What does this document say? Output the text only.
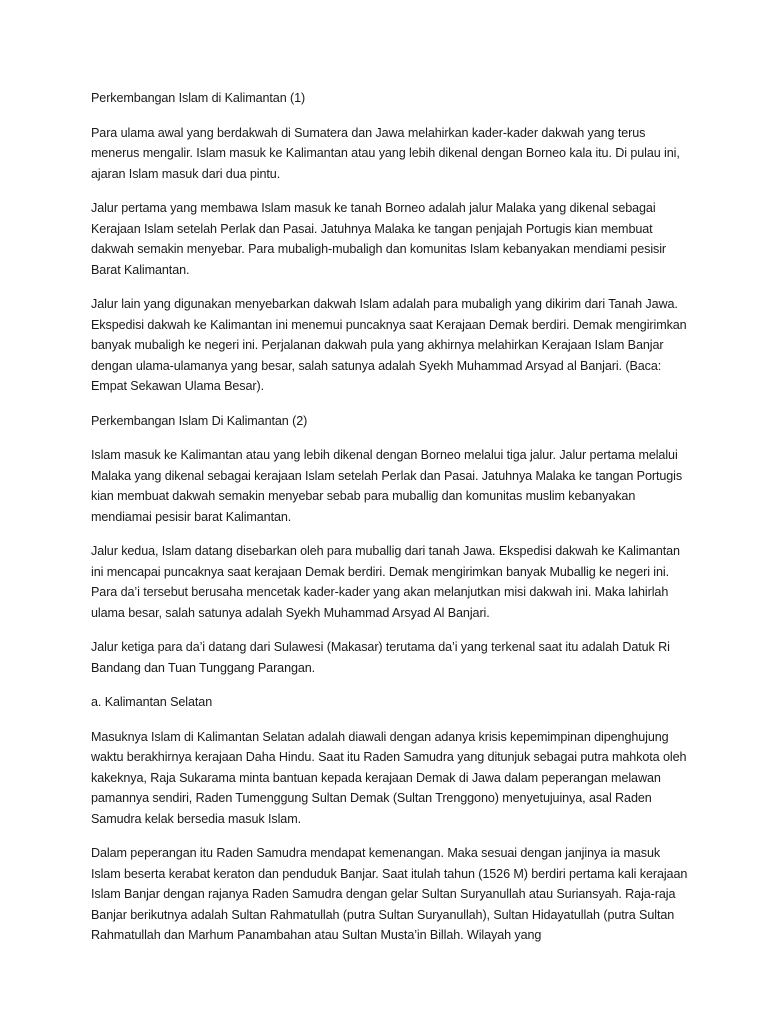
Perkembangan Islam di Kalimantan (1)

Para ulama awal yang berdakwah di Sumatera dan Jawa melahirkan kader-kader dakwah yang terus menerus mengalir. Islam masuk ke Kalimantan atau yang lebih dikenal dengan Borneo kala itu. Di pulau ini, ajaran Islam masuk dari dua pintu.

Jalur pertama yang membawa Islam masuk ke tanah Borneo adalah jalur Malaka yang dikenal sebagai Kerajaan Islam setelah Perlak dan Pasai. Jatuhnya Malaka ke tangan penjajah Portugis kian membuat dakwah semakin menyebar. Para mubaligh-mubaligh dan komunitas Islam kebanyakan mendiami pesisir Barat Kalimantan.

Jalur lain yang digunakan menyebarkan dakwah Islam adalah para mubaligh yang dikirim dari Tanah Jawa. Ekspedisi dakwah ke Kalimantan ini menemui puncaknya saat Kerajaan Demak berdiri. Demak mengirimkan banyak mubaligh ke negeri ini. Perjalanan dakwah pula yang akhirnya melahirkan Kerajaan Islam Banjar dengan ulama-ulamanya yang besar, salah satunya adalah Syekh Muhammad Arsyad al Banjari. (Baca: Empat Sekawan Ulama Besar).

Perkembangan Islam Di Kalimantan (2)

Islam masuk ke Kalimantan atau yang lebih dikenal dengan Borneo melalui tiga jalur. Jalur pertama melalui Malaka yang dikenal sebagai kerajaan Islam setelah Perlak dan Pasai. Jatuhnya Malaka ke tangan Portugis kian membuat dakwah semakin menyebar sebab para muballig dan komunitas muslim kebanyakan mendiamai pesisir barat Kalimantan.

Jalur kedua, Islam datang disebarkan oleh para muballig dari tanah Jawa. Ekspedisi dakwah ke Kalimantan ini mencapai puncaknya saat kerajaan Demak berdiri. Demak mengirimkan banyak Muballig ke negeri ini. Para da’i tersebut berusaha mencetak kader-kader yang akan melanjutkan misi dakwah ini. Maka lahirlah ulama besar, salah satunya adalah Syekh Muhammad Arsyad Al Banjari.

Jalur ketiga para da’i datang dari Sulawesi (Makasar) terutama da’i yang terkenal saat itu adalah Datuk Ri Bandang dan Tuan Tunggang Parangan.

a. Kalimantan Selatan

Masuknya Islam di Kalimantan Selatan adalah diawali dengan adanya krisis kepemimpinan dipenghujung waktu berakhirnya kerajaan Daha Hindu. Saat itu Raden Samudra yang ditunjuk sebagai putra mahkota oleh kakeknya, Raja Sukarama minta bantuan kepada kerajaan Demak di Jawa dalam peperangan melawan pamannya sendiri, Raden Tumenggung Sultan Demak (Sultan Trenggono) menyetujuinya, asal Raden Samudra kelak bersedia masuk Islam.

Dalam peperangan itu Raden Samudra mendapat kemenangan. Maka sesuai dengan janjinya ia masuk Islam beserta kerabat keraton dan penduduk Banjar. Saat itulah tahun (1526 M) berdiri pertama kali kerajaan Islam Banjar dengan rajanya Raden Samudra dengan gelar Sultan Suryanullah atau Suriansyah. Raja-raja Banjar berikutnya adalah Sultan Rahmatullah (putra Sultan Suryanullah), Sultan Hidayatullah (putra Sultan Rahmatullah dan Marhum Panambahan atau Sultan Musta’in Billah. Wilayah yang
